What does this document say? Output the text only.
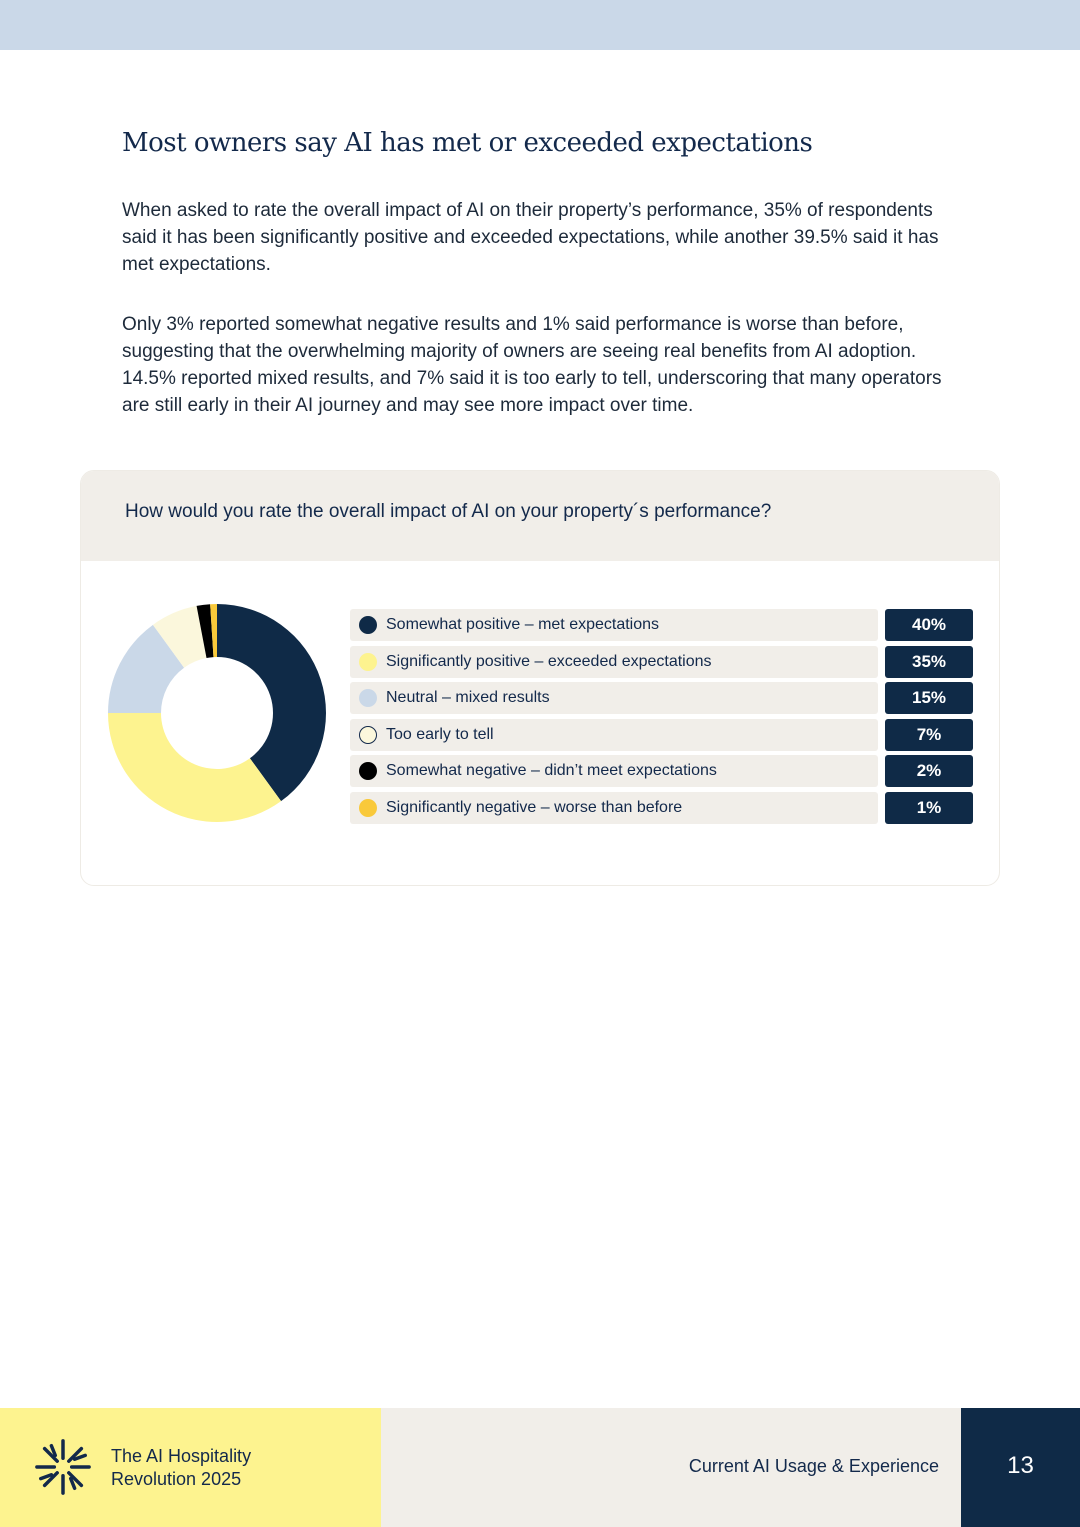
Most owners say AI has met or exceeded expectations

When asked to rate the overall impact of AI on their property’s performance, 35% of respondents said it has been significantly positive and exceeded expectations, while another 39.5% said it has met expectations.

Only 3% reported somewhat negative results and 1% said performance is worse than before, suggesting that the overwhelming majority of owners are seeing real benefits from AI adoption. 14.5% reported mixed results, and 7% said it is too early to tell, underscoring that many operators are still early in their AI journey and may see more impact over time.

How would you rate the overall impact of AI on your property´s performance?

Somewhat positive – met expectations	40%
Significantly positive – exceeded expectations	35%
Neutral – mixed results	15%
Too early to tell	7%
Somewhat negative – didn’t meet expectations	2%
Significantly negative – worse than before	1%

The AI Hospitality
Revolution 2025

Current AI Usage & Experience	13
